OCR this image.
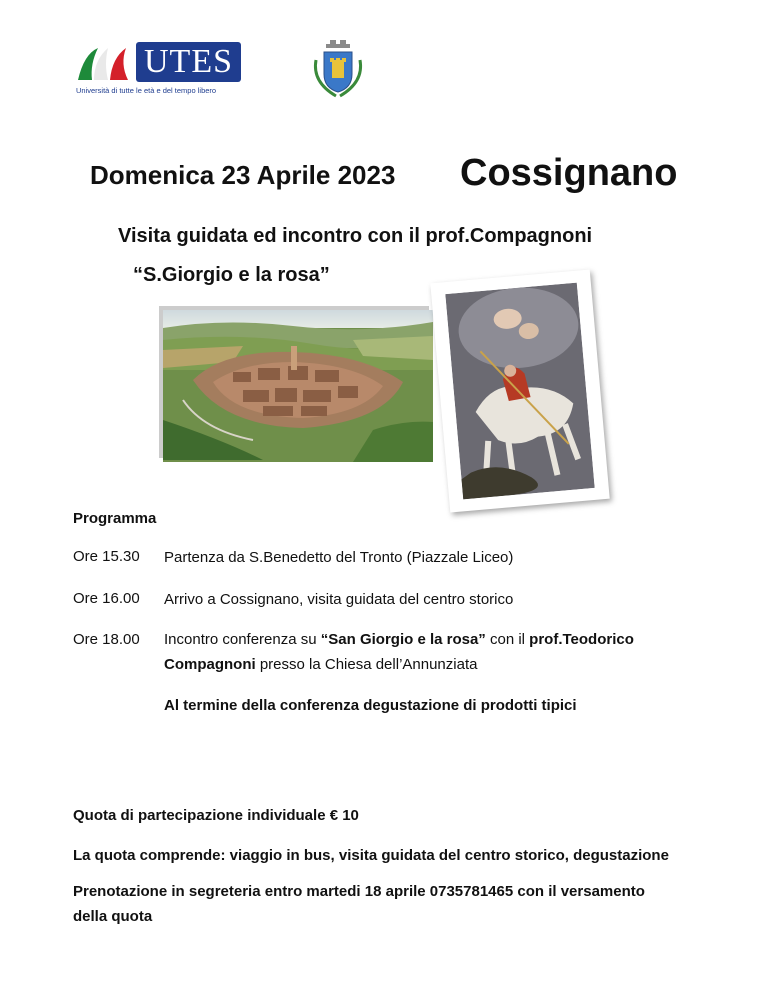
UTES
Università di tutte le età e del tempo libero
Domenica 23 Aprile 2023 Cossignano
Visita guidata ed incontro con il prof.Compagnoni
“S.Giorgio e la rosa”
Programma
Ore 15.30 Partenza da S.Benedetto del Tronto (Piazzale Liceo)
Ore 16.00 Arrivo a Cossignano, visita guidata del centro storico
Ore 18.00 Incontro conferenza su “San Giorgio e la rosa” con il prof.Teodorico
Compagnoni presso la Chiesa dell’Annunziata
Al termine della conferenza degustazione di prodotti tipici
Quota di partecipazione individuale € 10
La quota comprende: viaggio in bus, visita guidata del centro storico, degustazione
Prenotazione in segreteria entro martedi 18 aprile 0735781465 con il versamento
della quota
